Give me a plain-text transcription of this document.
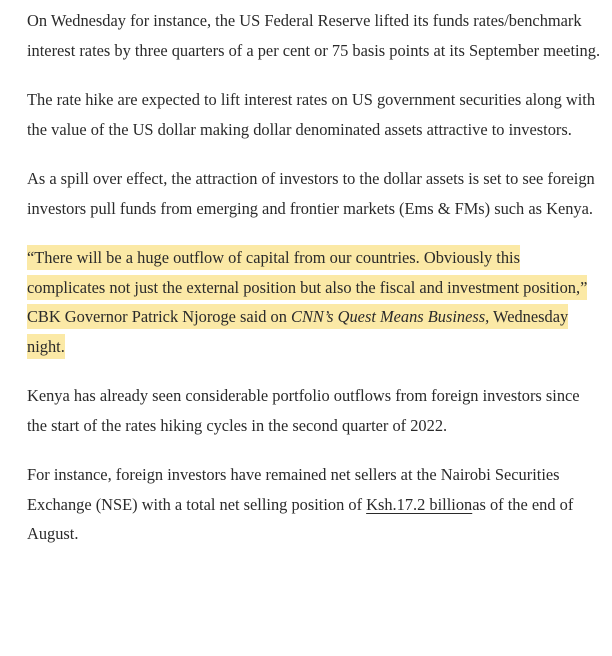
On Wednesday for instance, the US Federal Reserve lifted its funds rates/benchmark interest rates by three quarters of a per cent or 75 basis points at its September meeting.

The rate hike are expected to lift interest rates on US government securities along with the value of the US dollar making dollar denominated assets attractive to investors.

As a spill over effect, the attraction of investors to the dollar assets is set to see foreign investors pull funds from emerging and frontier markets (Ems & FMs) such as Kenya.

“There will be a huge outflow of capital from our countries. Obviously this complicates not just the external position but also the fiscal and investment position,” CBK Governor Patrick Njoroge said on CNN’s Quest Means Business, Wednesday night.

Kenya has already seen considerable portfolio outflows from foreign investors since the start of the rates hiking cycles in the second quarter of 2022.

For instance, foreign investors have remained net sellers at the Nairobi Securities Exchange (NSE) with a total net selling position of Ksh.17.2 billionas of the end of August.
